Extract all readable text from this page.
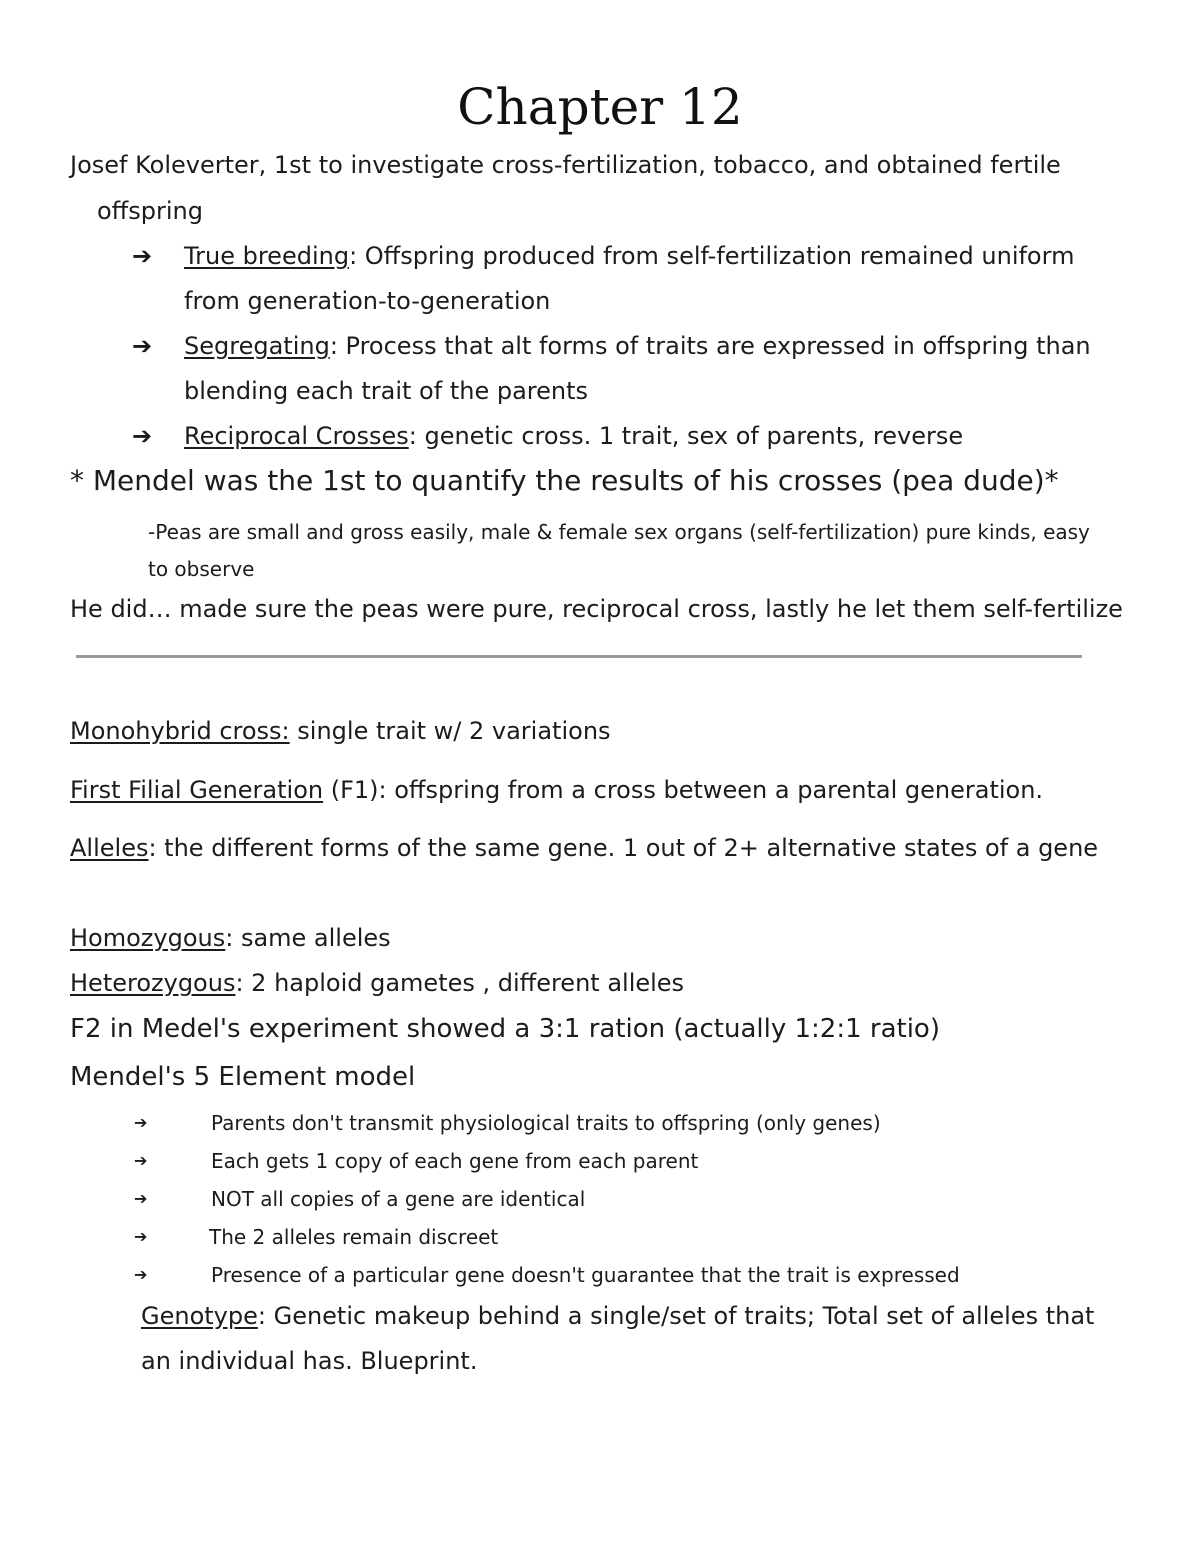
Chapter 12
Josef Koleverter, 1st to investigate cross-fertilization, tobacco, and obtained fertile
offspring
➔ True breeding: Offspring produced from self-fertilization remained uniform
from generation-to-generation
➔ Segregating: Process that alt forms of traits are expressed in offspring than
blending each trait of the parents
➔ Reciprocal Crosses: genetic cross. 1 trait, sex of parents, reverse
* Mendel was the 1st to quantify the results of his crosses (pea dude)*
-Peas are small and gross easily, male & female sex organs (self-fertilization) pure kinds, easy
to observe
He did… made sure the peas were pure, reciprocal cross, lastly he let them self-fertilize
Monohybrid cross: single trait w/ 2 variations
First Filial Generation (F1): offspring from a cross between a parental generation.
Alleles: the different forms of the same gene. 1 out of 2+ alternative states of a gene
Homozygous: same alleles
Heterozygous: 2 haploid gametes , different alleles
F2 in Medel's experiment showed a 3:1 ration (actually 1:2:1 ratio)
Mendel's 5 Element model
➔	Parents don't transmit physiological traits to offspring (only genes)
➔	Each gets 1 copy of each gene from each parent
➔	NOT all copies of a gene are identical
➔	The 2 alleles remain discreet
➔	Presence of a particular gene doesn't guarantee that the trait is expressed
Genotype: Genetic makeup behind a single/set of traits; Total set of alleles that
an individual has. Blueprint.
